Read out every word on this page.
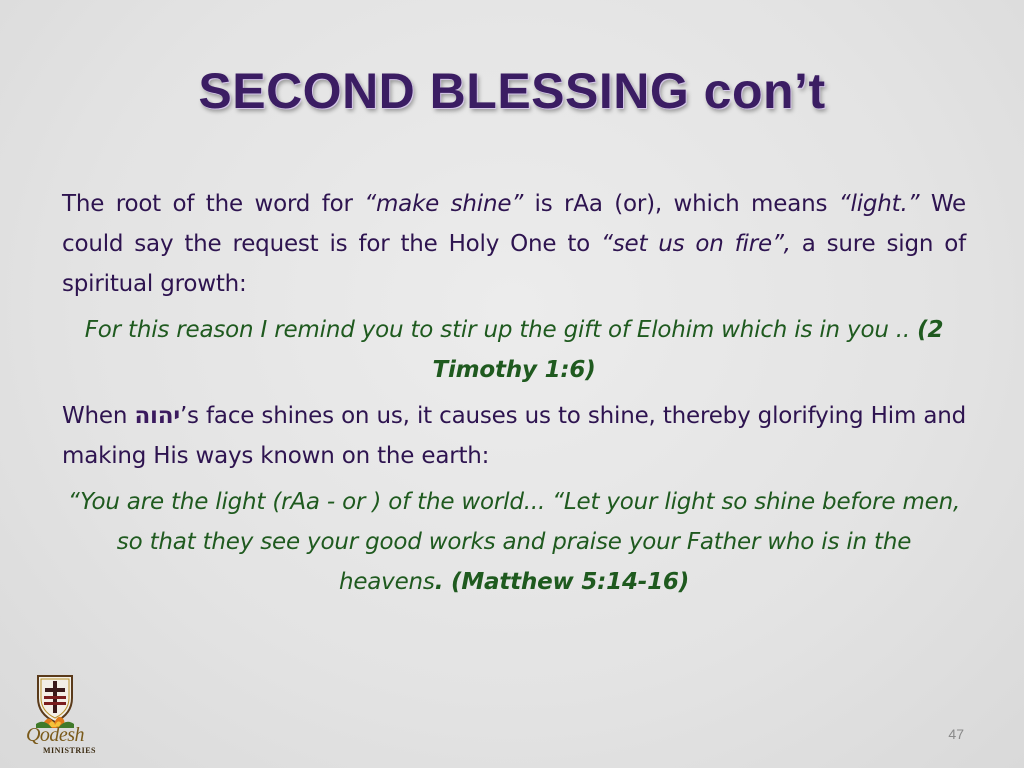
SECOND BLESSING con’t

The root of the word for “make shine” is rAa (or), which means “light.” We could say the request is for the Holy One to “set us on fire”, a sure sign of spiritual growth:

For this reason I remind you to stir up the gift of Elohim which is in you .. (2 Timothy 1:6)

When יהוה’s face shines on us, it causes us to shine, thereby glorifying Him and making His ways known on the earth:

“You are the light (rAa - or ) of the world... “Let your light so shine before men, so that they see your good works and praise your Father who is in the heavens. (Matthew 5:14-16)

Qodesh
MINISTRIES
47
